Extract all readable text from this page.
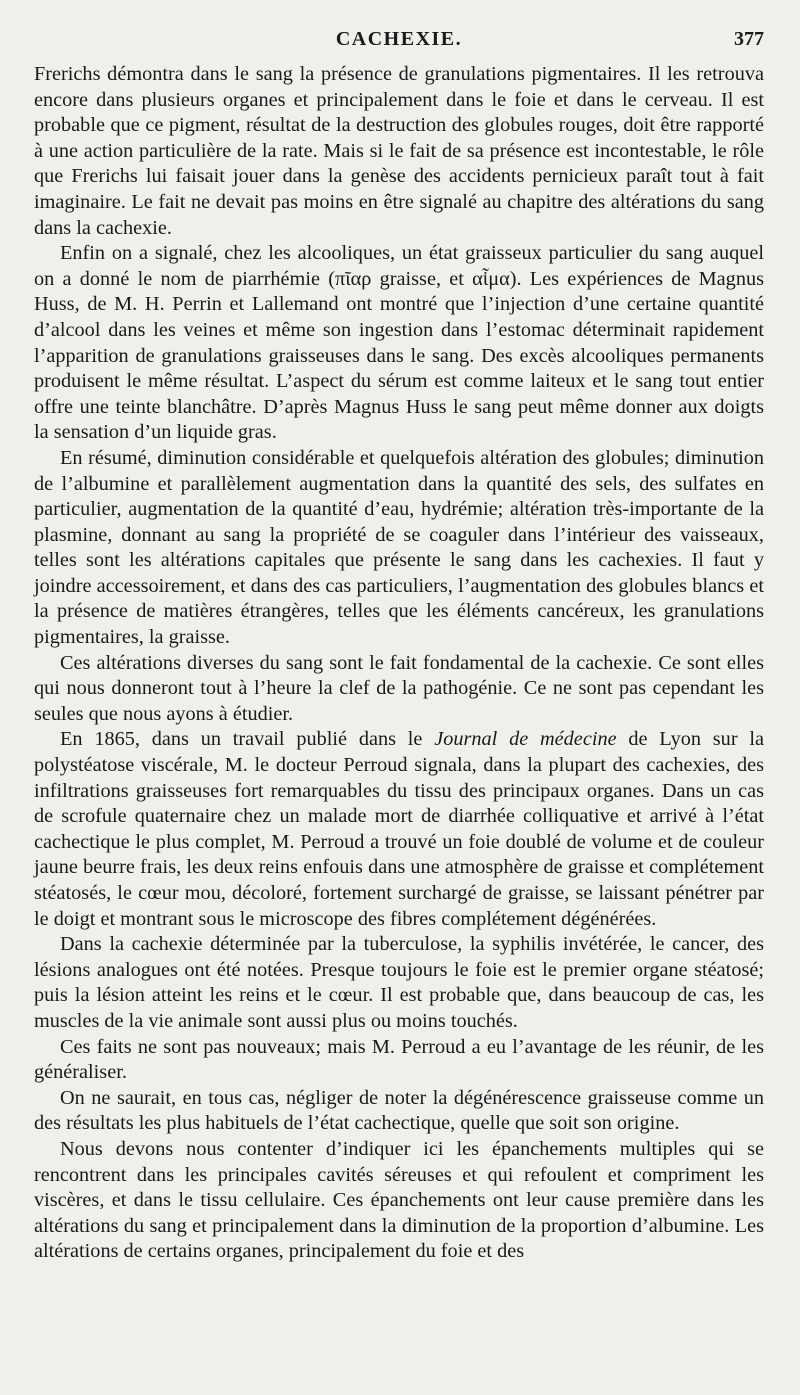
CACHEXIE.	377

Frerichs démontra dans le sang la présence de granulations pigmentaires. Il les retrouva encore dans plusieurs organes et principalement dans le foie et dans le cerveau. Il est probable que ce pigment, résultat de la destruction des globules rouges, doit être rapporté à une action particulière de la rate. Mais si le fait de sa présence est incontestable, le rôle que Frerichs lui faisait jouer dans la genèse des accidents pernicieux paraît tout à fait imaginaire. Le fait ne devait pas moins en être signalé au chapitre des altérations du sang dans la cachexie.

Enfin on a signalé, chez les alcooliques, un état graisseux particulier du sang auquel on a donné le nom de piarrhémie (πῖαρ graisse, et αἷμα). Les expériences de Magnus Huss, de M. H. Perrin et Lallemand ont montré que l’injection d’une certaine quantité d’alcool dans les veines et même son ingestion dans l’estomac déterminait rapidement l’apparition de granulations graisseuses dans le sang. Des excès alcooliques permanents produisent le même résultat. L’aspect du sérum est comme laiteux et le sang tout entier offre une teinte blanchâtre. D’après Magnus Huss le sang peut même donner aux doigts la sensation d’un liquide gras.

En résumé, diminution considérable et quelquefois altération des globules; diminution de l’albumine et parallèlement augmentation dans la quantité des sels, des sulfates en particulier, augmentation de la quantité d’eau, hydrémie; altération très-importante de la plasmine, donnant au sang la propriété de se coaguler dans l’intérieur des vaisseaux, telles sont les altérations capitales que présente le sang dans les cachexies. Il faut y joindre accessoirement, et dans des cas particuliers, l’augmentation des globules blancs et la présence de matières étrangères, telles que les éléments cancéreux, les granulations pigmentaires, la graisse.

Ces altérations diverses du sang sont le fait fondamental de la cachexie. Ce sont elles qui nous donneront tout à l’heure la clef de la pathogénie. Ce ne sont pas cependant les seules que nous ayons à étudier.

En 1865, dans un travail publié dans le Journal de médecine de Lyon sur la polystéatose viscérale, M. le docteur Perroud signala, dans la plupart des cachexies, des infiltrations graisseuses fort remarquables du tissu des principaux organes. Dans un cas de scrofule quaternaire chez un malade mort de diarrhée colliquative et arrivé à l’état cachectique le plus complet, M. Perroud a trouvé un foie doublé de volume et de couleur jaune beurre frais, les deux reins enfouis dans une atmosphère de graisse et complétement stéatosés, le cœur mou, décoloré, fortement surchargé de graisse, se laissant pénétrer par le doigt et montrant sous le microscope des fibres complétement dégénérées.

Dans la cachexie déterminée par la tuberculose, la syphilis invétérée, le cancer, des lésions analogues ont été notées. Presque toujours le foie est le premier organe stéatosé; puis la lésion atteint les reins et le cœur. Il est probable que, dans beaucoup de cas, les muscles de la vie animale sont aussi plus ou moins touchés.

Ces faits ne sont pas nouveaux; mais M. Perroud a eu l’avantage de les réunir, de les généraliser.

On ne saurait, en tous cas, négliger de noter la dégénérescence graisseuse comme un des résultats les plus habituels de l’état cachectique, quelle que soit son origine.

Nous devons nous contenter d’indiquer ici les épanchements multiples qui se rencontrent dans les principales cavités séreuses et qui refoulent et compriment les viscères, et dans le tissu cellulaire. Ces épanchements ont leur cause première dans les altérations du sang et principalement dans la diminution de la proportion d’albumine. Les altérations de certains organes, principalement du foie et des
